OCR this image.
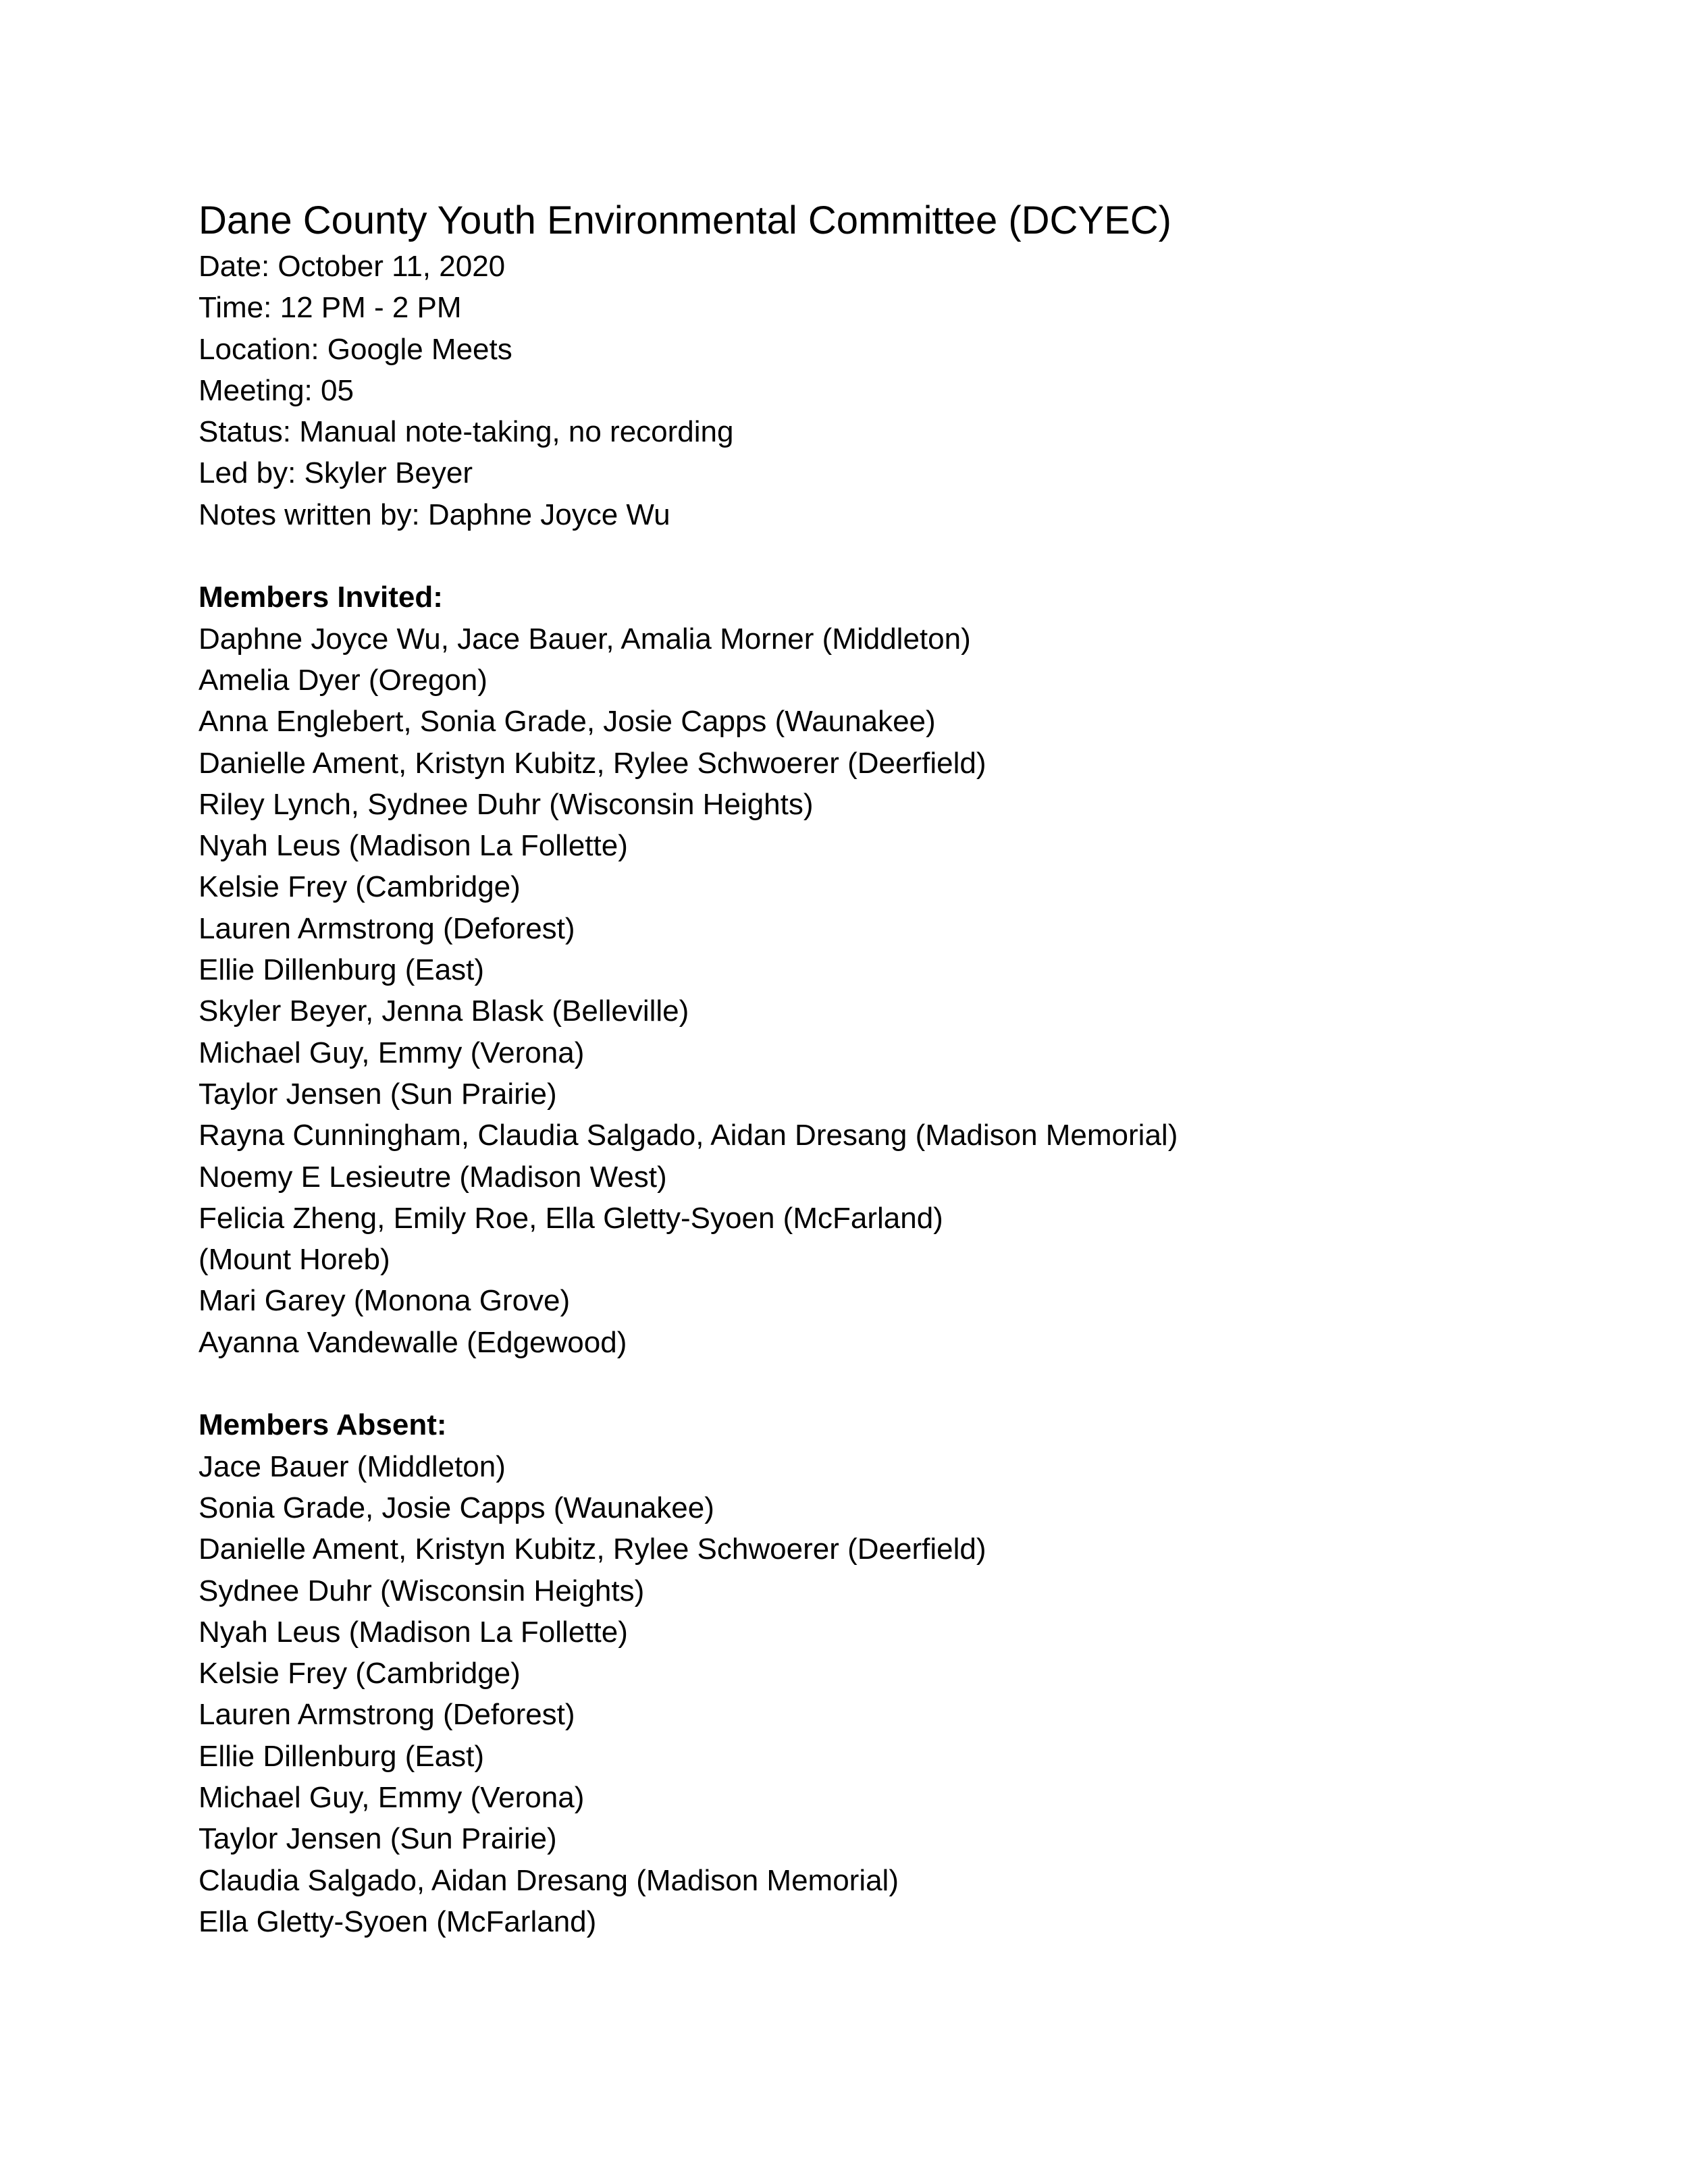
Dane County Youth Environmental Committee (DCYEC)

Date: October 11, 2020

Time: 12 PM - 2 PM

Location: Google Meets

Meeting: 05

Status: Manual note-taking, no recording

Led by: Skyler Beyer

Notes written by: Daphne Joyce Wu

Members Invited:

Daphne Joyce Wu, Jace Bauer, Amalia Morner (Middleton)
Amelia Dyer (Oregon)
Anna Englebert, Sonia Grade, Josie Capps (Waunakee)
Danielle Ament, Kristyn Kubitz, Rylee Schwoerer (Deerfield)
Riley Lynch, Sydnee Duhr (Wisconsin Heights)
Nyah Leus (Madison La Follette)
Kelsie Frey (Cambridge)
Lauren Armstrong (Deforest)
Ellie Dillenburg (East)
Skyler Beyer, Jenna Blask (Belleville)
Michael Guy, Emmy (Verona)
Taylor Jensen (Sun Prairie)
Rayna Cunningham, Claudia Salgado, Aidan Dresang (Madison Memorial)
Noemy E Lesieutre (Madison West)
Felicia Zheng, Emily Roe, Ella Gletty-Syoen (McFarland)
(Mount Horeb)
Mari Garey (Monona Grove)
Ayanna Vandewalle (Edgewood)

Members Absent:

Jace Bauer (Middleton)
Sonia Grade, Josie Capps (Waunakee)
Danielle Ament, Kristyn Kubitz, Rylee Schwoerer (Deerfield)
Sydnee Duhr (Wisconsin Heights)
Nyah Leus (Madison La Follette)
Kelsie Frey (Cambridge)
Lauren Armstrong (Deforest)
Ellie Dillenburg (East)
Michael Guy, Emmy (Verona)
Taylor Jensen (Sun Prairie)
Claudia Salgado, Aidan Dresang (Madison Memorial)
Ella Gletty-Syoen (McFarland)
